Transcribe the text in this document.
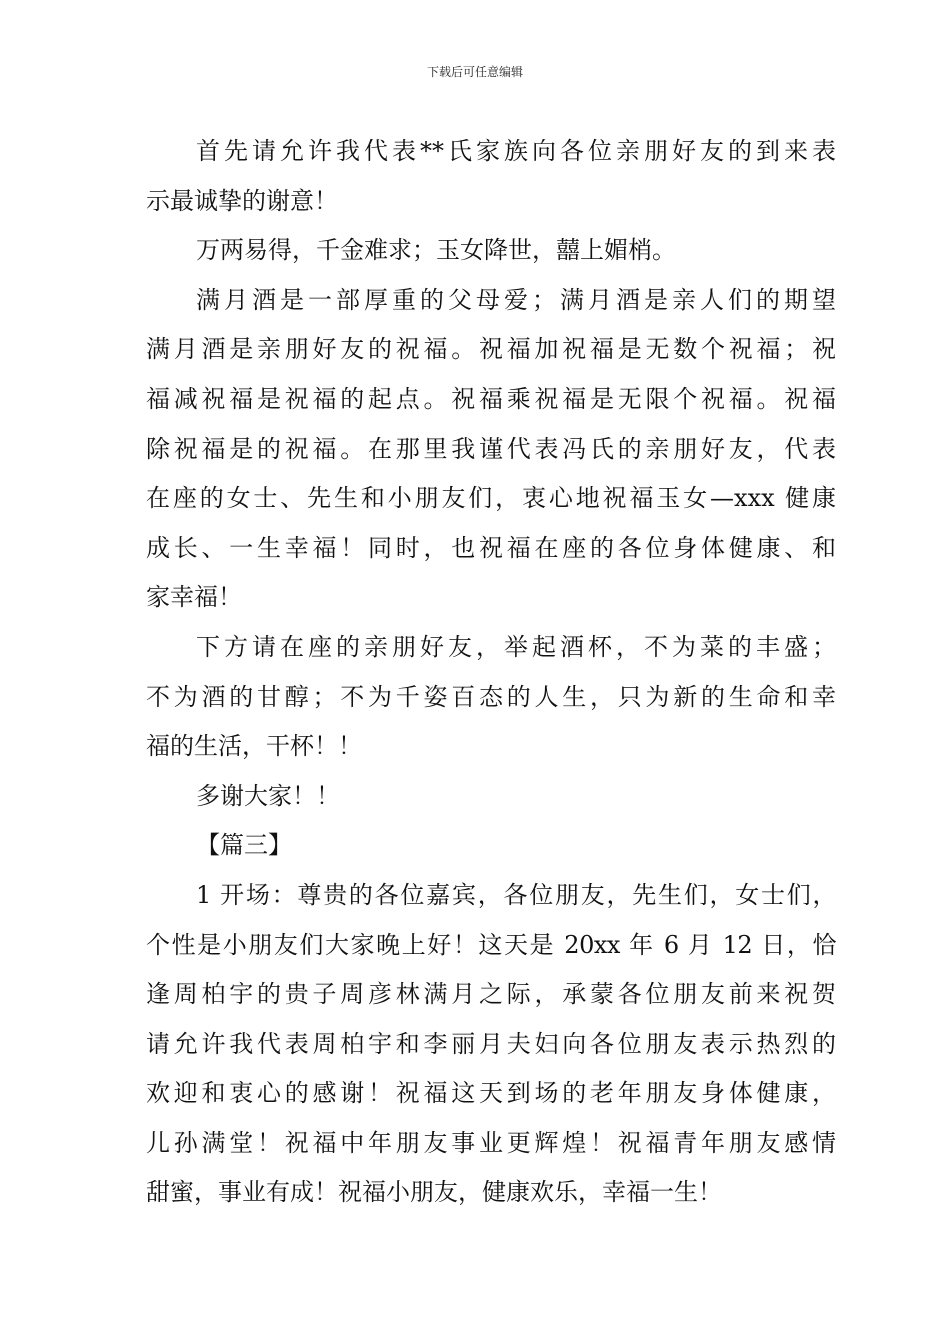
下载后可任意编辑
首先请允许我代表**氏家族向各位亲朋好友的到来表
示最诚挚的谢意！
万两易得，千金难求；玉女降世，囍上媚梢。
满月酒是一部厚重的父母爱；满月酒是亲人们的期望
满月酒是亲朋好友的祝福。祝福加祝福是无数个祝福；祝
福减祝福是祝福的起点。祝福乘祝福是无限个祝福。祝福
除祝福是的祝福。在那里我谨代表冯氏的亲朋好友，代表
在座的女士、先生和小朋友们，衷心地祝福玉女—xxx 健康
成长、一生幸福！同时，也祝福在座的各位身体健康、和
家幸福！
下方请在座的亲朋好友，举起酒杯，不为菜的丰盛；
不为酒的甘醇；不为千姿百态的人生，只为新的生命和幸
福的生活，干杯！！
多谢大家！！
【篇三】
1 开场：尊贵的各位嘉宾，各位朋友，先生们，女士们，
个性是小朋友们大家晚上好！这天是 20xx 年 6 月 12 日，恰
逢周柏宇的贵子周彦林满月之际，承蒙各位朋友前来祝贺
请允许我代表周柏宇和李丽月夫妇向各位朋友表示热烈的
欢迎和衷心的感谢！祝福这天到场的老年朋友身体健康，
儿孙满堂！祝福中年朋友事业更辉煌！祝福青年朋友感情
甜蜜，事业有成！祝福小朋友，健康欢乐，幸福一生！
